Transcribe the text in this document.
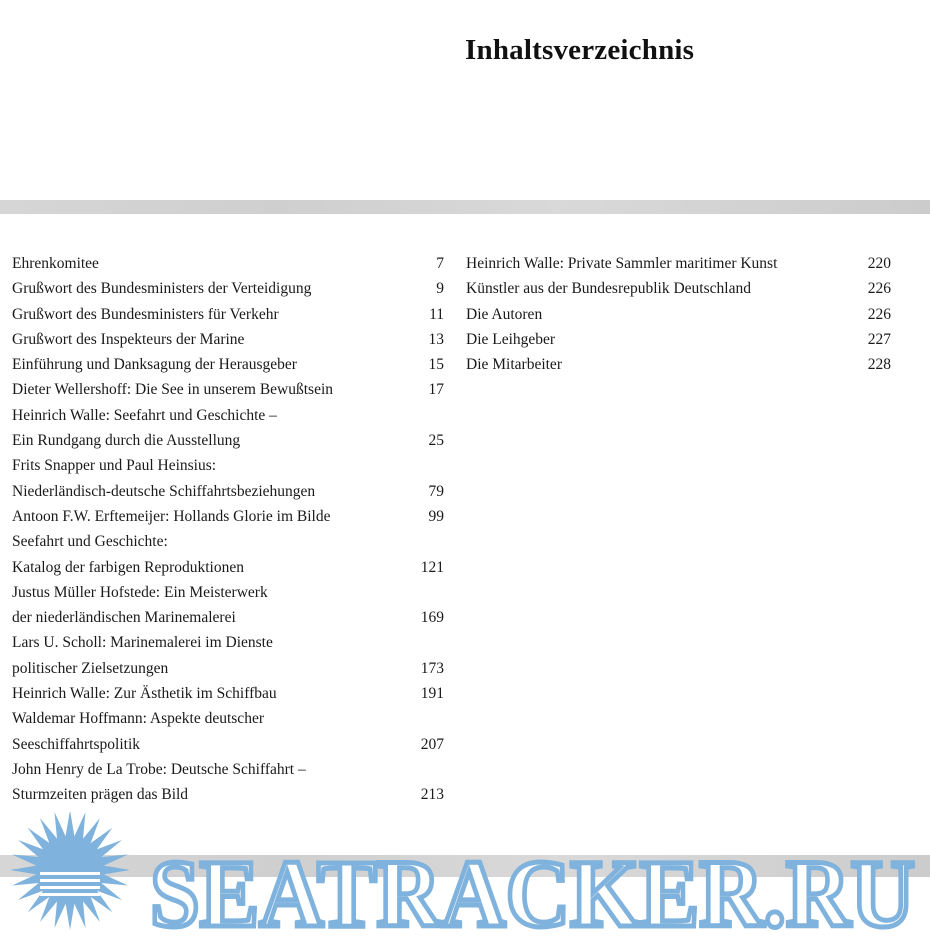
Inhaltsverzeichnis
Ehrenkomitee	7
Grußwort des Bundesministers der Verteidigung	9
Grußwort des Bundesministers für Verkehr	11
Grußwort des Inspekteurs der Marine	13
Einführung und Danksagung der Herausgeber	15
Dieter Wellershoff: Die See in unserem Bewußtsein	17
Heinrich Walle: Seefahrt und Geschichte –
Ein Rundgang durch die Ausstellung	25
Frits Snapper und Paul Heinsius:
Niederländisch-deutsche Schiffahrtsbeziehungen	79
Antoon F.W. Erftemeijer: Hollands Glorie im Bilde	99
Seefahrt und Geschichte:
Katalog der farbigen Reproduktionen	121
Justus Müller Hofstede: Ein Meisterwerk
der niederländischen Marinemalerei	169
Lars U. Scholl: Marinemalerei im Dienste
politischer Zielsetzungen	173
Heinrich Walle: Zur Ästhetik im Schiffbau	191
Waldemar Hoffmann: Aspekte deutscher
Seeschiffahrtspolitik	207
John Henry de La Trobe: Deutsche Schiffahrt –
Sturmzeiten prägen das Bild	213
Heinrich Walle: Private Sammler maritimer Kunst	220
Künstler aus der Bundesrepublik Deutschland	226
Die Autoren	226
Die Leihgeber	227
Die Mitarbeiter	228
SEATRACKER.RU
